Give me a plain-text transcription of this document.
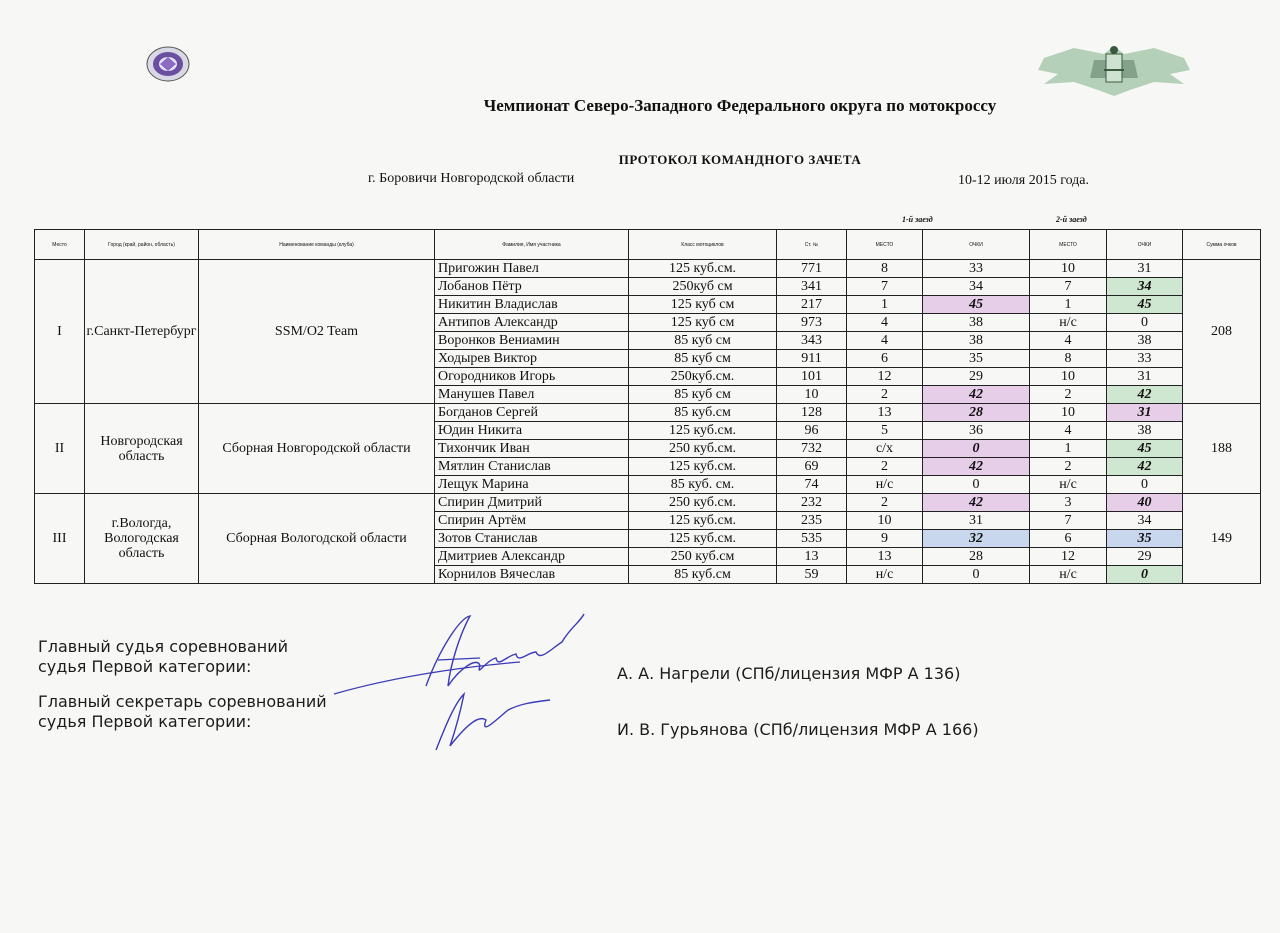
Чемпионат Северо-Западного Федерального округа по мотокроссу
ПРОТОКОЛ КОМАНДНОГО ЗАЧЕТА
г. Боровичи Новгородской области	10-12 июля 2015 года.
1-й заезд	2-й заезд
Место	Город (край, район, область)	Наименование команды (клуба)	Фамилия, Имя участника	Класс мотоциклов	Ст. №	МЕСТО	ОЧКИ	МЕСТО	ОЧКИ	Сумма очков
I	г.Санкт-Петербург	SSM/O2 Team	Пригожин Павел	125 куб.см.	771	8	33	10	31	208
			Лобанов Пётр	250куб см	341	7	34	7	34	
			Никитин Владислав	125 куб см	217	1	45	1	45	
			Антипов Александр	125 куб см	973	4	38	н/с	0	
			Воронков Вениамин	85 куб см	343	4	38	4	38	
			Ходырев Виктор	85 куб см	911	6	35	8	33	
			Огородников Игорь	250куб.см.	101	12	29	10	31	
			Манушев Павел	85 куб см	10	2	42	2	42	
II	Новгородская область	Сборная Новгородской области	Богданов Сергей	85 куб.см	128	13	28	10	31	188
			Юдин Никита	125 куб.см.	96	5	36	4	38	
			Тихончик Иван	250 куб.см.	732	с/х	0	1	45	
			Мятлин Станислав	125 куб.см.	69	2	42	2	42	
			Лещук Марина	85 куб. см.	74	н/с	0	н/с	0	
III	г.Вологда, Вологодская область	Сборная Вологодской области	Спирин Дмитрий	250 куб.см.	232	2	42	3	40	149
			Спирин Артём	125 куб.см.	235	10	31	7	34	
			Зотов Станислав	125 куб.см.	535	9	32	6	35	
			Дмитриев Александр	250 куб.см	13	13	28	12	29	
			Корнилов Вячеслав	85 куб.см	59	н/с	0	н/с	0	
Главный судья соревнований
судья Первой категории:
Главный секретарь соревнований
судья Первой категории:
А. А. Нагрели (СПб/лицензия МФР А 136)
И. В. Гурьянова (СПб/лицензия МФР А 166)
